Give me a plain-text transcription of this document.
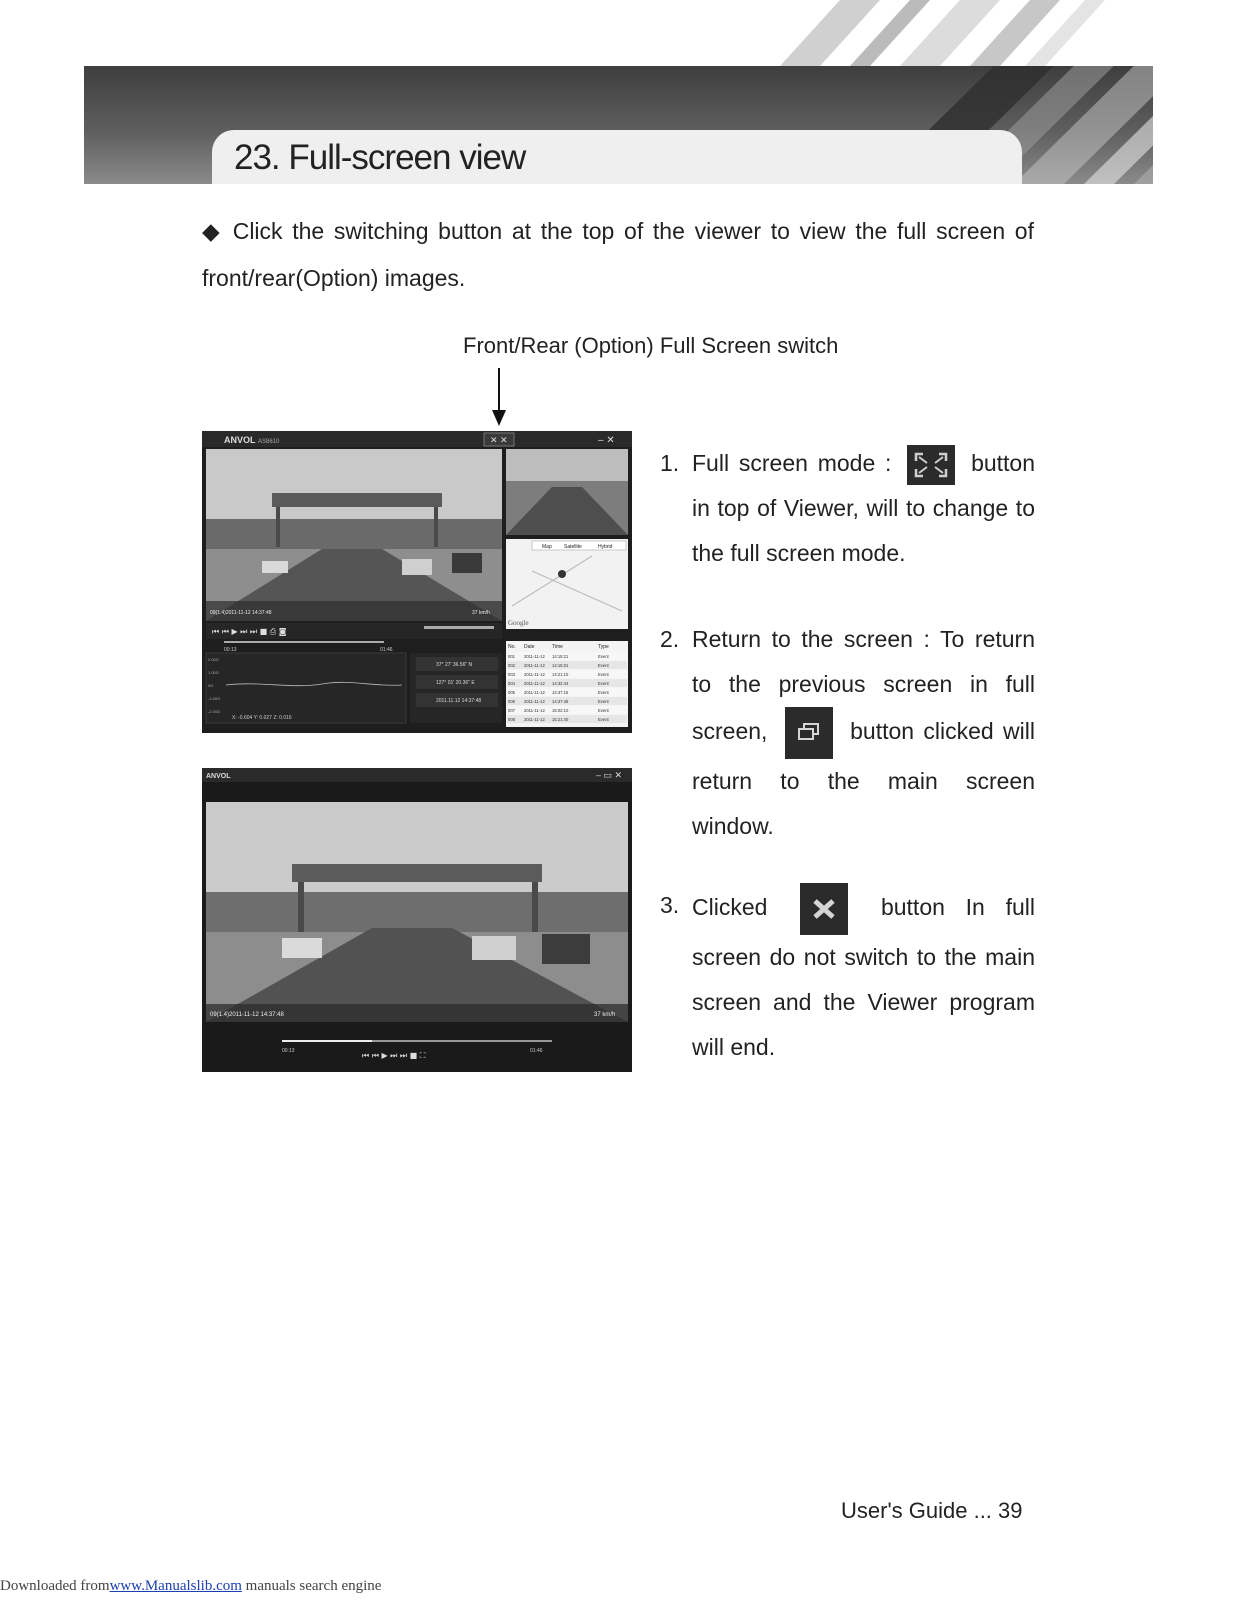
23. Full-screen view
◆ Click the switching button at the top of the viewer to view the full screen of front/rear(Option) images.
Front/Rear (Option) Full Screen switch
ANVOL AS8610	✕ ✕	– ✕
09(1.4)2011-11-12 14:37:48	37 km/h
Map Satellite	Hybrid
Google
⏮ ⏮ ▶ ⏭ ⏭ ■ ⎙ ◙
00:13	01:46
2.00G
1.00G
0G
-1.00G
-2.00G
X: -0.604 Y: 0.027 Z: 0.016
37° 27' 36.56" N
127° 01' 20.36" E
2011.11.12 14:37:48
No. Date	Time	Type
001 2011-11-12 14:15:21	Event
002 2011-11-12 14:15:31	Event
003 2011-11-12 14:21:10	Event
004 2011-11-12 14:32:44	Event
005 2011-11-12 14:37:16	Event
006 2011-11-12 14:37:48	Event
007 2011-11-12 15:02:10	Event
008 2011-11-12 15:21:40	Event
ANVOL	– ▭ ✕
09(1.4)2011-11-12 14:37:48	37 km/h
00:13	01:46
⏮ ⏮ ▶ ⏭ ⏭ ■ ⛶
1. Full screen mode :	button in top of Viewer, will to change to the full screen mode.
2. Return to the screen : To return to the previous screen in full screen,	button clicked will return to the main screen window.
3. Clicked	button In full screen do not switch to the main screen and the Viewer program will end.
User's Guide ... 39
Downloaded fromwww.Manualslib.com manuals search engine
